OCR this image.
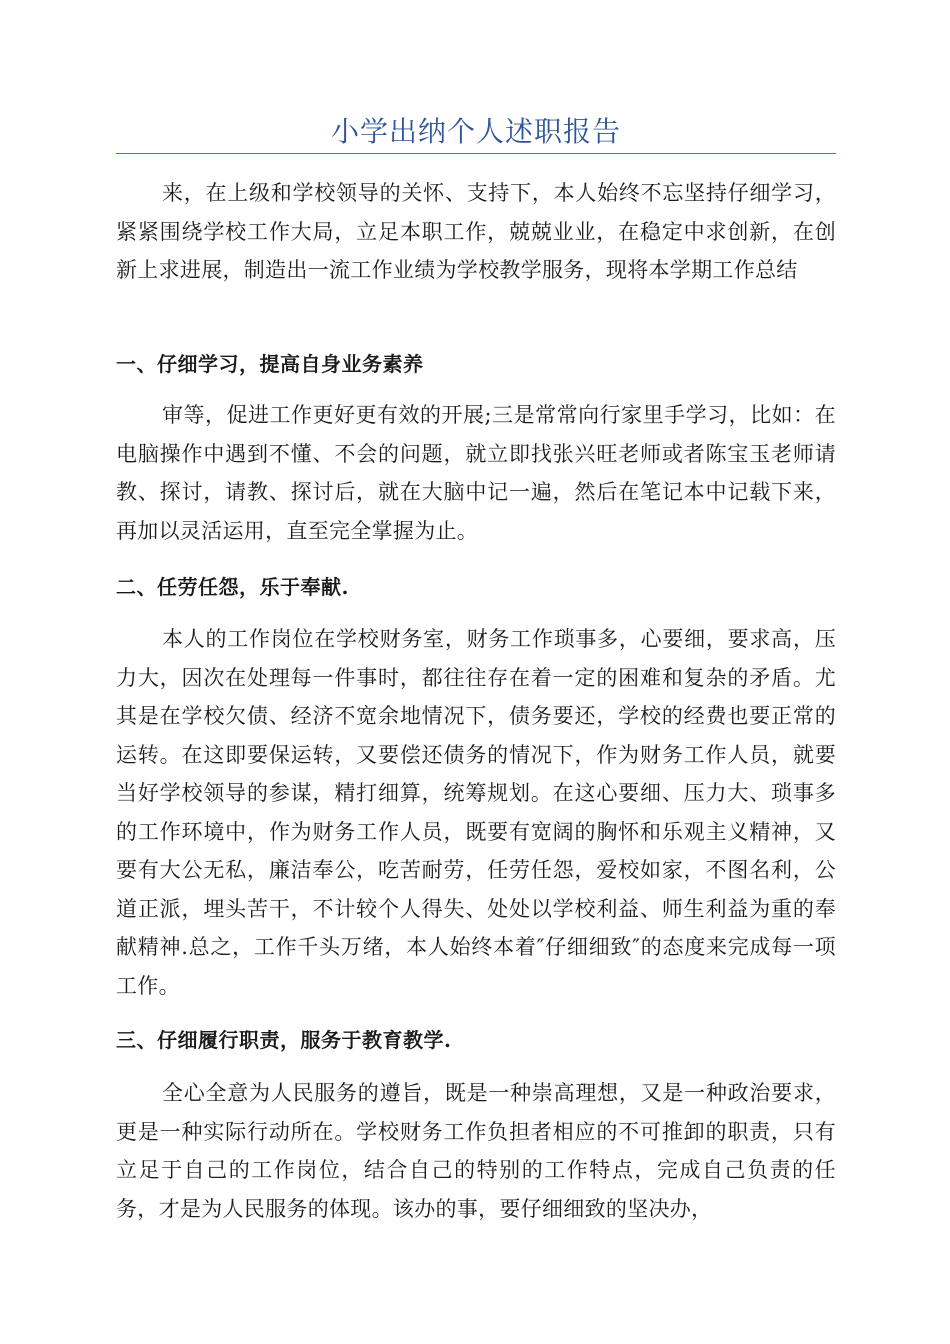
小学出纳个人述职报告

来，在上级和学校领导的关怀、支持下，本人始终不忘坚持仔细学习，紧紧围绕学校工作大局，立足本职工作，兢兢业业，在稳定中求创新，在创新上求进展，制造出一流工作业绩为学校教学服务，现将本学期工作总结

一、仔细学习，提高自身业务素养

审等，促进工作更好更有效的开展;三是常常向行家里手学习，比如：在电脑操作中遇到不懂、不会的问题，就立即找张兴旺老师或者陈宝玉老师请教、探讨，请教、探讨后，就在大脑中记一遍，然后在笔记本中记载下来，再加以灵活运用，直至完全掌握为止。

二、任劳任怨，乐于奉献.

本人的工作岗位在学校财务室，财务工作琐事多，心要细，要求高，压力大，因次在处理每一件事时，都往往存在着一定的困难和复杂的矛盾。尤其是在学校欠债、经济不宽余地情况下，债务要还，学校的经费也要正常的运转。在这即要保运转，又要偿还债务的情况下，作为财务工作人员，就要当好学校领导的参谋，精打细算，统筹规划。在这心要细、压力大、琐事多的工作环境中，作为财务工作人员，既要有宽阔的胸怀和乐观主义精神，又要有大公无私，廉洁奉公，吃苦耐劳，任劳任怨，爱校如家，不图名利，公道正派，埋头苦干，不计较个人得失、处处以学校利益、师生利益为重的奉献精神.总之，工作千头万绪，本人始终本着″仔细细致″的态度来完成每一项工作。

三、仔细履行职责，服务于教育教学.

全心全意为人民服务的遵旨，既是一种崇高理想，又是一种政治要求，更是一种实际行动所在。学校财务工作负担者相应的不可推卸的职责，只有立足于自己的工作岗位，结合自己的特别的工作特点，完成自己负责的任务，才是为人民服务的体现。该办的事，要仔细细致的坚决办，
